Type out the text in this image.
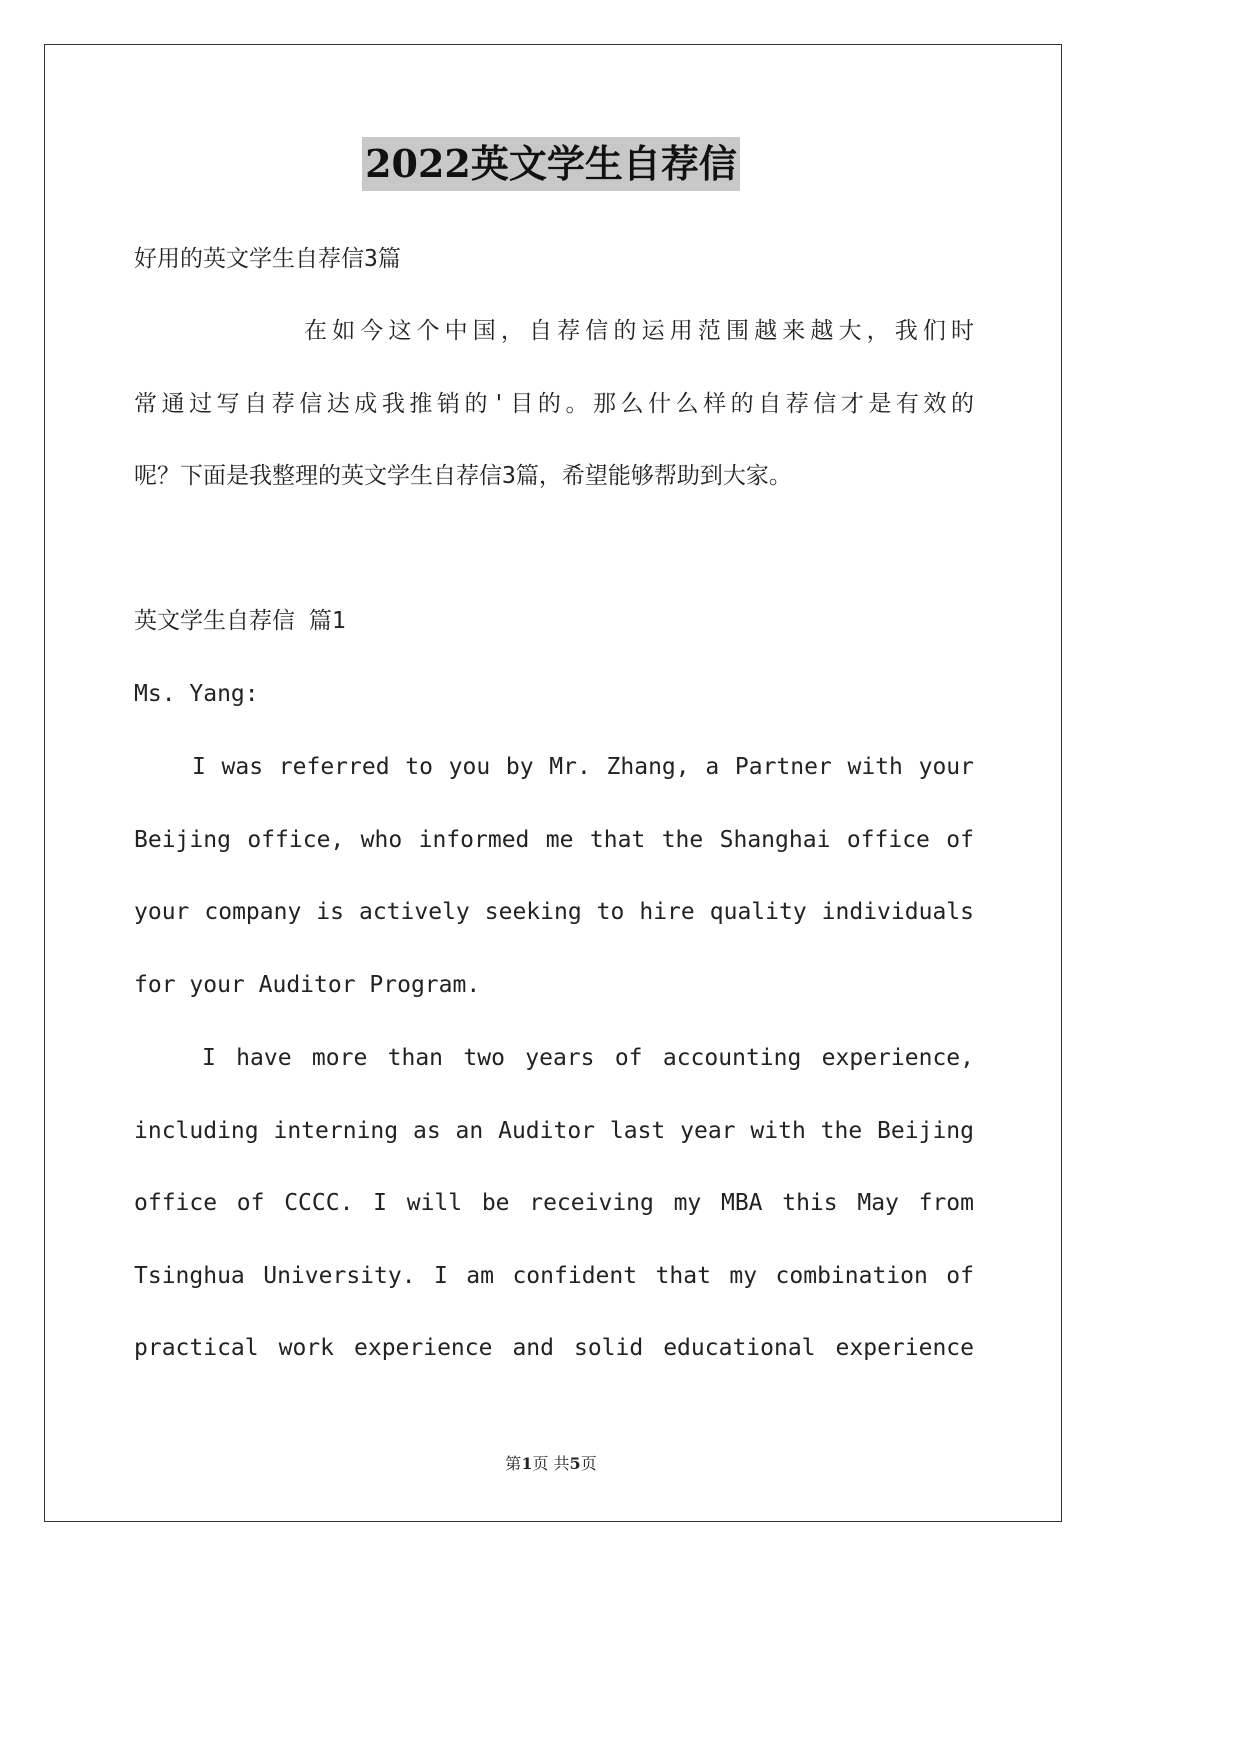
2022英文学生自荐信
好用的英文学生自荐信3篇
在如今这个中国，自荐信的运用范围越来越大，我们时
常通过写自荐信达成我推销的'目的。那么什么样的自荐信才是有效的
呢？下面是我整理的英文学生自荐信3篇，希望能够帮助到大家。
英文学生自荐信 篇1
Ms. Yang:
I was referred to you by Mr. Zhang, a Partner with your
Beijing office, who informed me that the Shanghai office of
your company is actively seeking to hire quality individuals
for your Auditor Program.
I have more than two years of accounting experience,
including interning as an Auditor last year with the Beijing
office of CCCC. I will be receiving my MBA this May from
Tsinghua University. I am confident that my combination of
practical work experience and solid educational experience
第1页 共5页
